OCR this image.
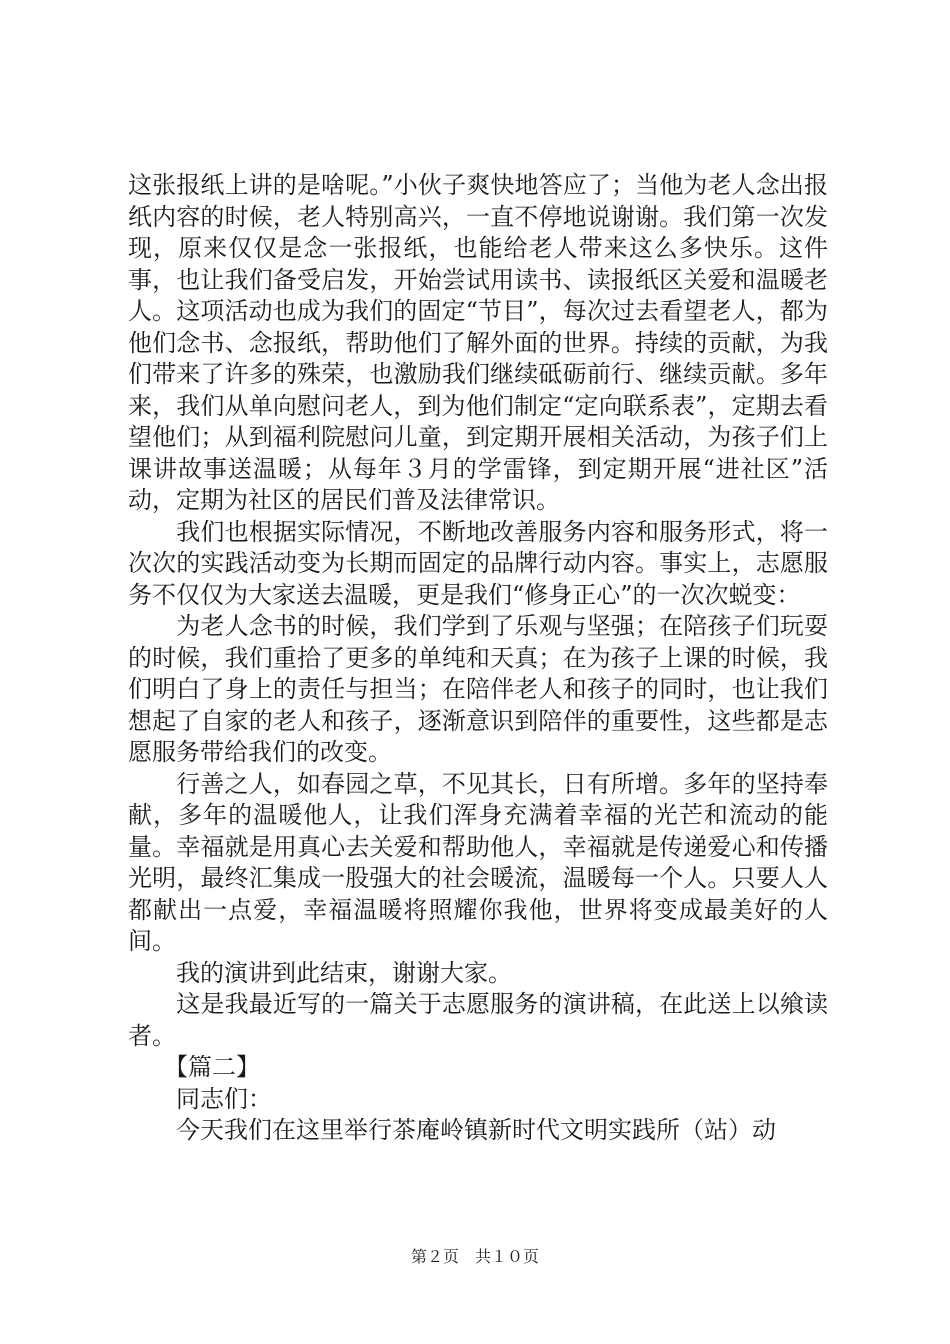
这张报纸上讲的是啥呢。”小伙子爽快地答应了；当他为老人念出报纸内容的时候，老人特别高兴，一直不停地说谢谢。我们第一次发现，原来仅仅是念一张报纸，也能给老人带来这么多快乐。这件事，也让我们备受启发，开始尝试用读书、读报纸区关爱和温暖老人。这项活动也成为我们的固定“节目”，每次过去看望老人，都为他们念书、念报纸，帮助他们了解外面的世界。持续的贡献，为我们带来了许多的殊荣，也激励我们继续砥砺前行、继续贡献。多年来，我们从单向慰问老人，到为他们制定“定向联系表”，定期去看望他们；从到福利院慰问儿童，到定期开展相关活动，为孩子们上课讲故事送温暖；从每年３月的学雷锋，到定期开展“进社区”活动，定期为社区的居民们普及法律常识。

　　我们也根据实际情况，不断地改善服务内容和服务形式，将一次次的实践活动变为长期而固定的品牌行动内容。事实上，志愿服务不仅仅为大家送去温暖，更是我们“修身正心”的一次次蜕变：

　　为老人念书的时候，我们学到了乐观与坚强；在陪孩子们玩耍的时候，我们重拾了更多的单纯和天真；在为孩子上课的时候，我们明白了身上的责任与担当；在陪伴老人和孩子的同时，也让我们想起了自家的老人和孩子，逐渐意识到陪伴的重要性，这些都是志愿服务带给我们的改变。

　　行善之人，如春园之草，不见其长，日有所增。多年的坚持奉献，多年的温暖他人，让我们浑身充满着幸福的光芒和流动的能量。幸福就是用真心去关爱和帮助他人，幸福就是传递爱心和传播光明，最终汇集成一股强大的社会暖流，温暖每一个人。只要人人都献出一点爱，幸福温暖将照耀你我他，世界将变成最美好的人间。

　　我的演讲到此结束，谢谢大家。

　　这是我最近写的一篇关于志愿服务的演讲稿，在此送上以飨读者。

　　【篇二】

　　同志们：

　　今天我们在这里举行茶庵岭镇新时代文明实践所（站）动

第２页　共１０页
